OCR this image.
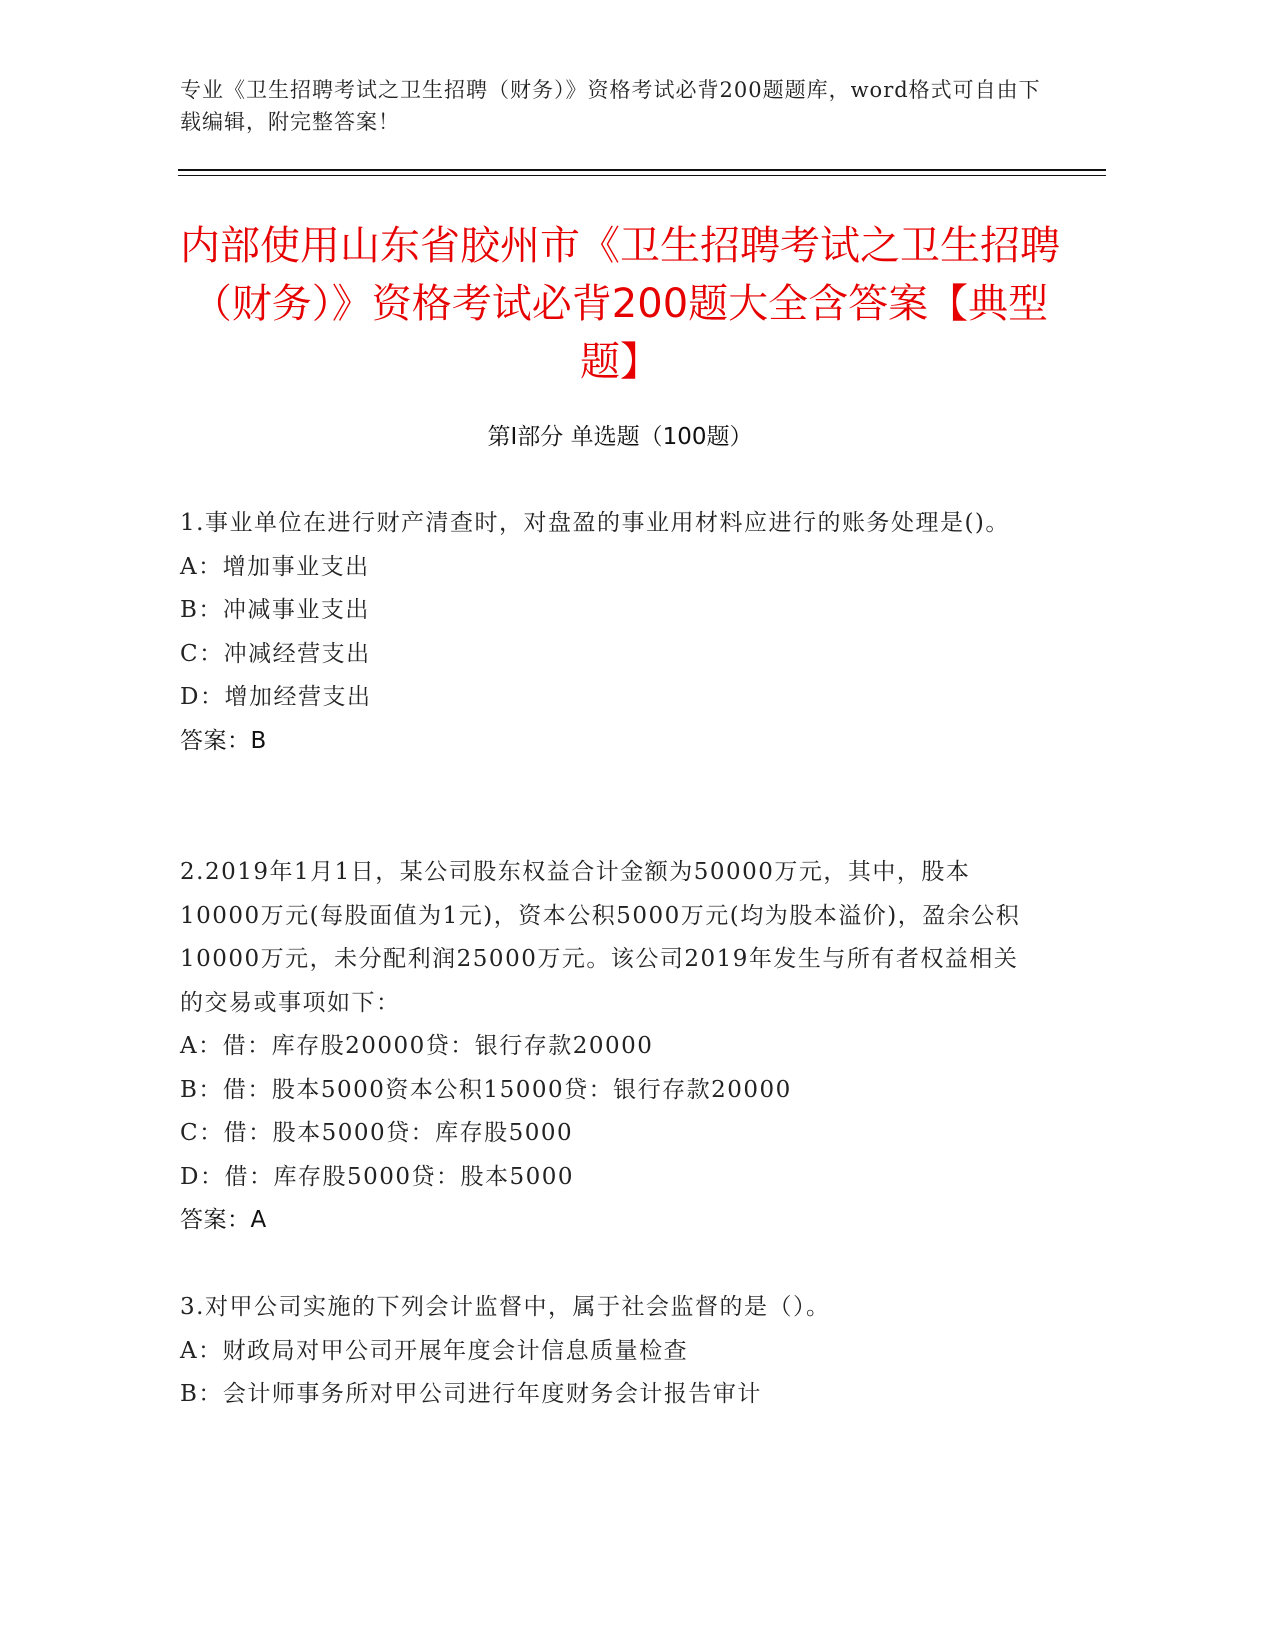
专业《卫生招聘考试之卫生招聘（财务）》资格考试必背200题题库，word格式可自由下载编辑，附完整答案！
内部使用山东省胶州市《卫生招聘考试之卫生招聘（财务）》资格考试必背200题大全含答案【典型题】
第Ⅰ部分 单选题（100题）

1.事业单位在进行财产清查时，对盘盈的事业用材料应进行的账务处理是()。

A：增加事业支出

B：冲减事业支出

C：冲减经营支出

D：增加经营支出

答案：B

2.2019年1月1日，某公司股东权益合计金额为50000万元，其中，股本10000万元(每股面值为1元)，资本公积5000万元(均为股本溢价)，盈余公积10000万元，未分配利润25000万元。该公司2019年发生与所有者权益相关的交易或事项如下：

A：借：库存股20000贷：银行存款20000

B：借：股本5000资本公积15000贷：银行存款20000

C：借：股本5000贷：库存股5000

D：借：库存股5000贷：股本5000

答案：A

3.对甲公司实施的下列会计监督中，属于社会监督的是（）。

A：财政局对甲公司开展年度会计信息质量检查

B：会计师事务所对甲公司进行年度财务会计报告审计
